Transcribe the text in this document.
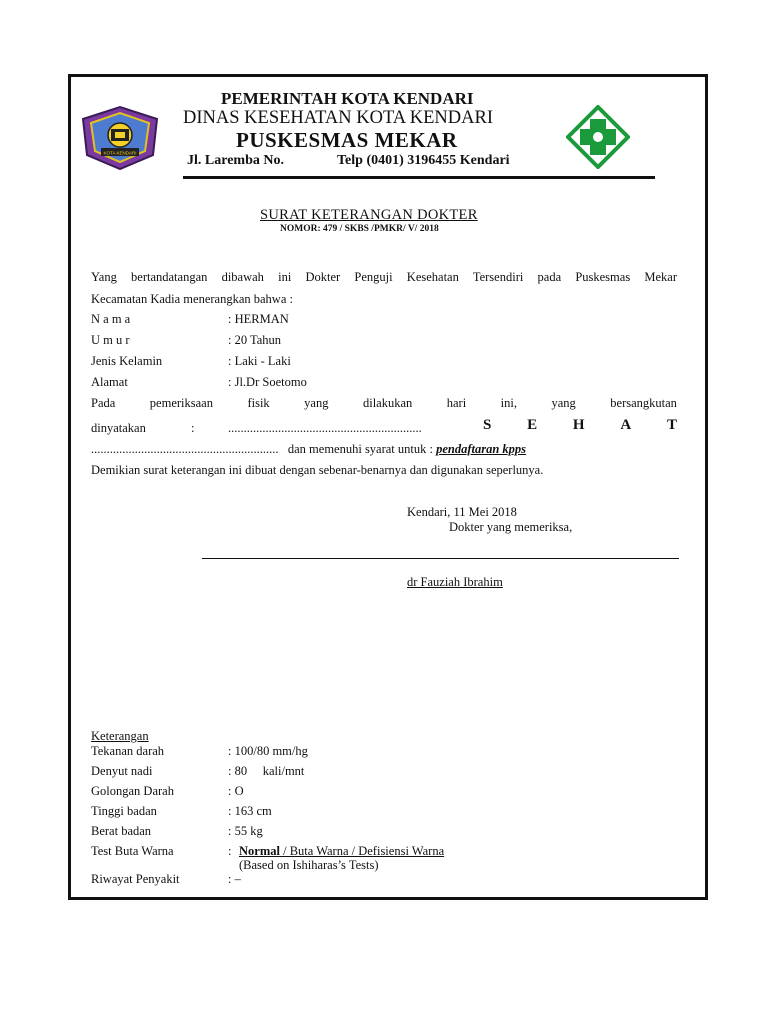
KOTA KENDARI
PEMERINTAH KOTA KENDARI
DINAS KESEHATAN KOTA KENDARI
PUSKESMAS MEKAR
Jl. Laremba No.	Telp (0401) 3196455 Kendari
SURAT KETERANGAN DOKTER
NOMOR: 479 / SKBS /PMKR/ V/ 2018
Yang bertandatangan dibawah ini Dokter Penguji Kesehatan Tersendiri pada Puskesmas Mekar
Kecamatan Kadia menerangkan bahwa :
N a m a	: HERMAN
U m u r	: 20 Tahun
Jenis Kelamin	: Laki - Laki
Alamat	: Jl.Dr Soetomo
Pada	pemeriksaan	fisik	yang	dilakukan	hari	ini,	yang	bersangkutan
dinyatakan	:	..............................................................	S E H A T
............................................................ dan memenuhi syarat untuk : pendaftaran kpps
Demikian surat keterangan ini dibuat dengan sebenar-benarnya dan digunakan seperlunya.
Kendari, 11 Mei 2018
Dokter yang memeriksa,
dr Fauziah Ibrahim
Keterangan
Tekanan darah	: 100/80 mm/hg
Denyut nadi	: 80     kali/mnt
Golongan Darah	: O
Tinggi badan	: 163 cm
Berat badan	: 55 kg
Test Buta Warna	: Normal / Buta Warna / Defisiensi Warna
(Based on Ishiharas’s Tests)
Riwayat Penyakit	: –
